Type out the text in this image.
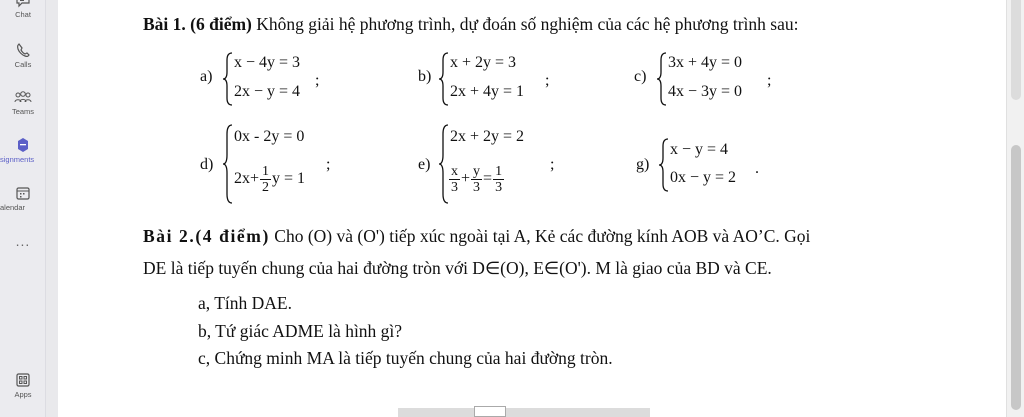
Chat
Calls
Teams
signments
alendar
...
Apps
Bài 1. (6 điểm) Không giải hệ phương trình, dự đoán số nghiệm của các hệ phương trình sau:
a)
x − 4y = 3
2x − y = 4
;	b)
x + 2y = 3
2x + 4y = 1
;	c)
3x + 4y = 0
4x − 3y = 0
;
d)
0x - 2y = 0
$2x+ \frac{1}{2}$ y = 1
;	e)
2x + 2y = 2
$\frac{x}{3} + \frac{y}{3} = \frac{1}{3}$	;	g)
x − y = 4
0x − y = 2
.
Bài 2.(4 điểm) Cho (O) và (O') tiếp xúc ngoài tại A, Kẻ các đường kính AOB và AO’C. Gọi
DE là tiếp tuyến chung của hai đường tròn với D∈(O), E∈(O'). M là giao của BD và CE.
a, Tính DAE.
b, Tứ giác ADME là hình gì?
c, Chứng minh MA là tiếp tuyến chung của hai đường tròn.
